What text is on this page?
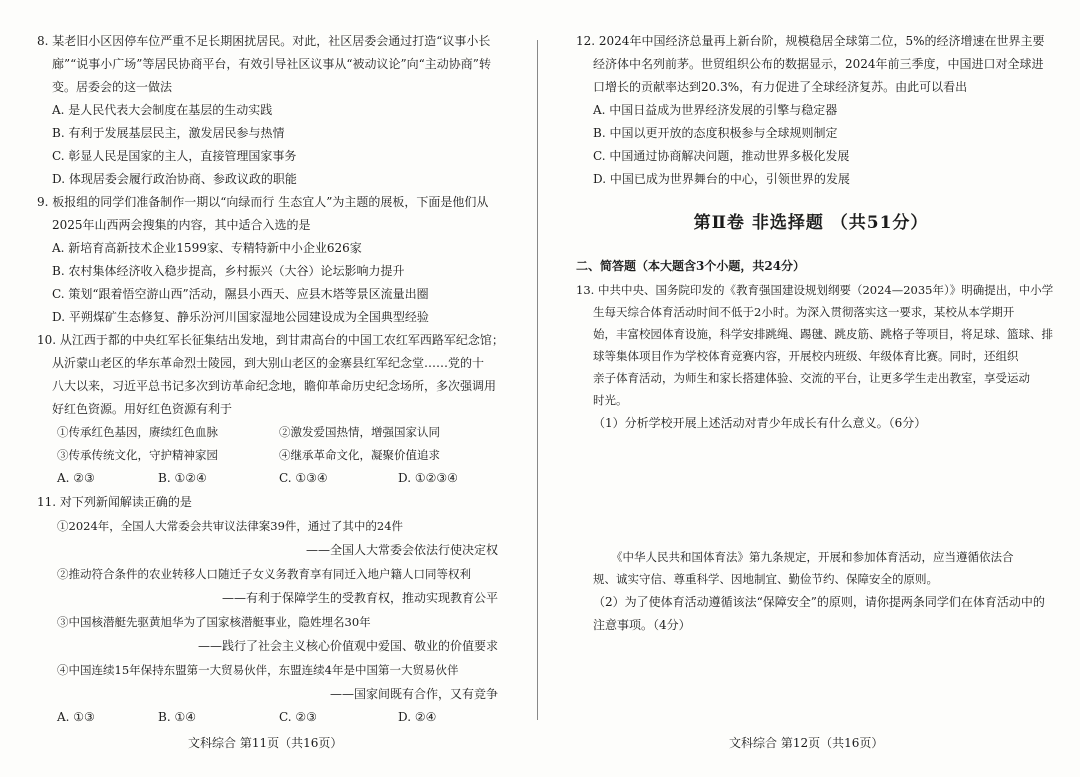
8. 某老旧小区因停车位严重不足长期困扰居民。对此，社区居委会通过打造“议事小长
廊”“说事小广场”等居民协商平台，有效引导社区议事从“被动议论”向“主动协商”转
变。居委会的这一做法
A. 是人民代表大会制度在基层的生动实践
B. 有利于发展基层民主，激发居民参与热情
C. 彰显人民是国家的主人，直接管理国家事务
D. 体现居委会履行政治协商、参政议政的职能
9. 板报组的同学们准备制作一期以“向绿而行 生态宜人”为主题的展板，下面是他们从
2025年山西两会搜集的内容，其中适合入选的是
A. 新培育高新技术企业1599家、专精特新中小企业626家
B. 农村集体经济收入稳步提高，乡村振兴（大谷）论坛影响力提升
C. 策划“跟着悟空游山西”活动，隰县小西天、应县木塔等景区流量出圈
D. 平朔煤矿生态修复、静乐汾河川国家湿地公园建设成为全国典型经验
10. 从江西于都的中央红军长征集结出发地，到甘肃高台的中国工农红军西路军纪念馆；
从沂蒙山老区的华东革命烈士陵园，到大别山老区的金寨县红军纪念堂……党的十
八大以来，习近平总书记多次到访革命纪念地，瞻仰革命历史纪念场所，多次强调用
好红色资源。用好红色资源有利于
①传承红色基因，赓续红色血脉	②激发爱国热情，增强国家认同
③传承传统文化，守护精神家园	④继承革命文化，凝聚价值追求
A. ②③	B. ①②④	C. ①③④	D. ①②③④
11. 对下列新闻解读正确的是
①2024年，全国人大常委会共审议法律案39件，通过了其中的24件
——全国人大常委会依法行使决定权
②推动符合条件的农业转移人口随迁子女义务教育享有同迁入地户籍人口同等权利
——有利于保障学生的受教育权，推动实现教育公平
③中国核潜艇先驱黄旭华为了国家核潜艇事业，隐姓埋名30年
——践行了社会主义核心价值观中爱国、敬业的价值要求
④中国连续15年保持东盟第一大贸易伙伴，东盟连续4年是中国第一大贸易伙伴
——国家间既有合作，又有竞争
A. ①③	B. ①④	C. ②③	D. ②④
文科综合 第11页（共16页）
12. 2024年中国经济总量再上新台阶，规模稳居全球第二位，5%的经济增速在世界主要
经济体中名列前茅。世贸组织公布的数据显示，2024年前三季度，中国进口对全球进
口增长的贡献率达到20.3%，有力促进了全球经济复苏。由此可以看出
A. 中国日益成为世界经济发展的引擎与稳定器
B. 中国以更开放的态度积极参与全球规则制定
C. 中国通过协商解决问题，推动世界多极化发展
D. 中国已成为世界舞台的中心，引领世界的发展
第Ⅱ卷 非选择题 （共51分）
二、简答题（本大题含3个小题，共24分）
13. 中共中央、国务院印发的《教育强国建设规划纲要（2024—2035年）》明确提出，中小学
生每天综合体育活动时间不低于2小时。为深入贯彻落实这一要求，某校从本学期开
始，丰富校园体育设施，科学安排跳绳、踢毽、跳皮筋、跳格子等项目，将足球、篮球、排
球等集体项目作为学校体育竞赛内容，开展校内班级、年级体育比赛。同时，还组织
亲子体育活动，为师生和家长搭建体验、交流的平台，让更多学生走出教室，享受运动
时光。
（1）分析学校开展上述活动对青少年成长有什么意义。（6分）
《中华人民共和国体育法》第九条规定，开展和参加体育活动，应当遵循依法合
规、诚实守信、尊重科学、因地制宜、勤俭节约、保障安全的原则。
（2）为了使体育活动遵循该法“保障安全”的原则，请你提两条同学们在体育活动中的
注意事项。（4分）
文科综合 第12页（共16页）
